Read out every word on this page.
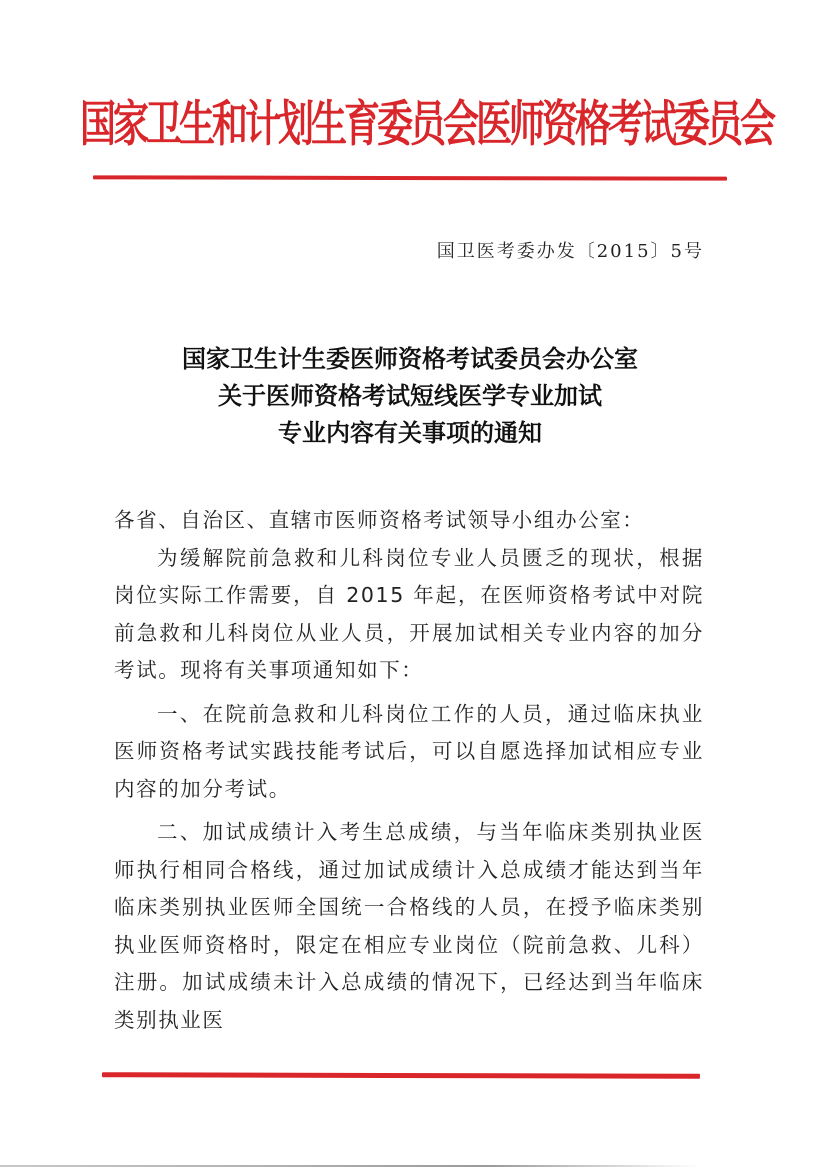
国家卫生和计划生育委员会医师资格考试委员会
国卫医考委办发〔2015〕5号
国家卫生计生委医师资格考试委员会办公室
关于医师资格考试短线医学专业加试
专业内容有关事项的通知

各省、自治区、直辖市医师资格考试领导小组办公室：

为缓解院前急救和儿科岗位专业人员匮乏的现状，根据岗位实际工作需要，自 2015 年起，在医师资格考试中对院前急救和儿科岗位从业人员，开展加试相关专业内容的加分考试。现将有关事项通知如下：

一、在院前急救和儿科岗位工作的人员，通过临床执业医师资格考试实践技能考试后，可以自愿选择加试相应专业内容的加分考试。

二、加试成绩计入考生总成绩，与当年临床类别执业医师执行相同合格线，通过加试成绩计入总成绩才能达到当年临床类别执业医师全国统一合格线的人员，在授予临床类别执业医师资格时，限定在相应专业岗位（院前急救、儿科）注册。加试成绩未计入总成绩的情况下，已经达到当年临床类别执业医
